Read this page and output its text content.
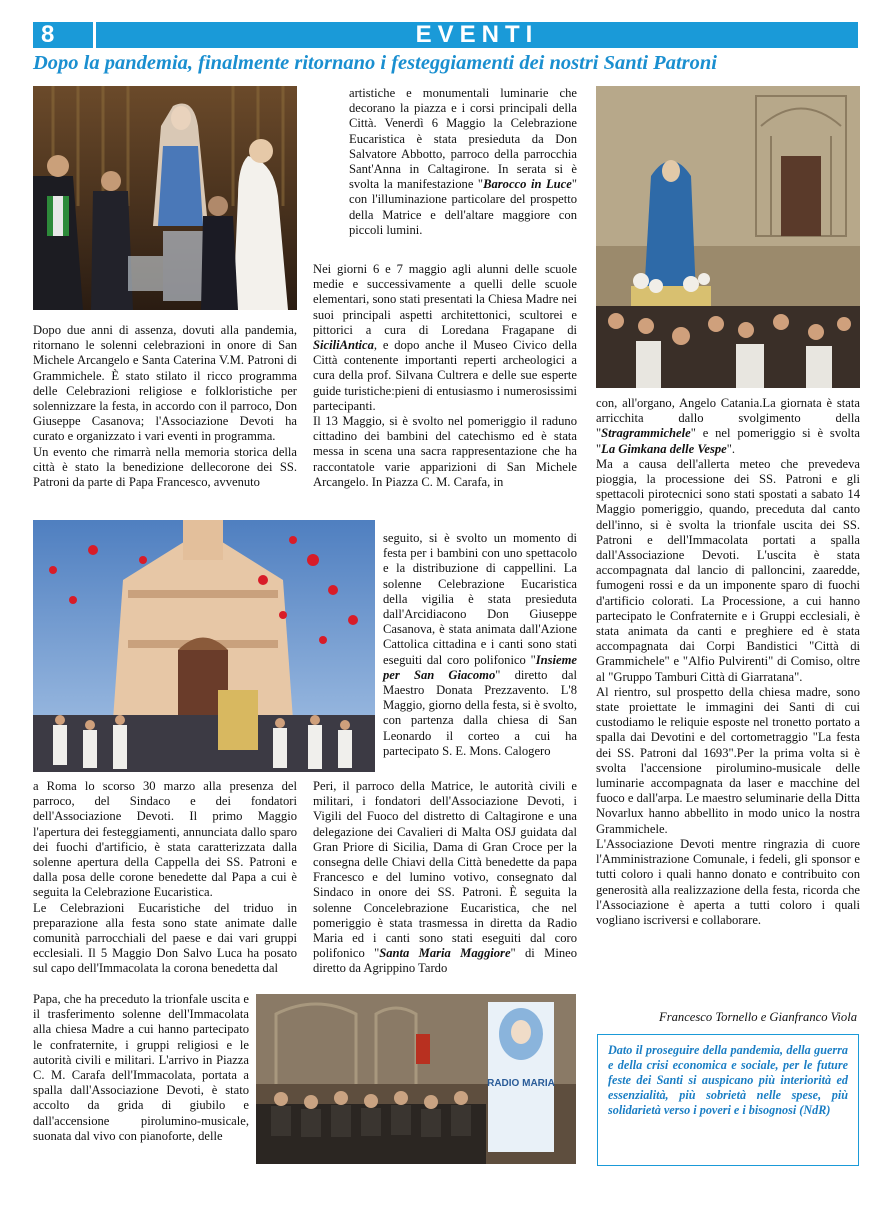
8	EVENTI
Dopo la pandemia, finalmente ritornano i festeggiamenti dei nostri Santi Patroni
RADIO MARIA

Dopo due anni di assenza, dovuti alla pandemia, ritornano le solenni celebrazioni in onore di San Michele Arcangelo e Santa Caterina V.M. Patroni di Grammichele. È stato stilato il ricco programma delle Celebrazioni religiose e folkloristiche per solennizzare la festa, in accordo con il parroco, Don Giuseppe Casanova; l'Associazione Devoti ha curato e organizzato i vari eventi in programma.

Un evento che rimarrà nella memoria storica della città è stato la benedizione dellecorone dei SS. Patroni da parte di Papa Francesco, avvenuto

a Roma lo scorso 30 marzo alla presenza del parroco, del Sindaco e dei fondatori dell'Associazione Devoti. Il primo Maggio l'apertura dei festeggiamenti, annunciata dallo sparo dei fuochi d'artificio, è stata caratterizzata dalla solenne apertura della Cappella dei SS. Patroni e dalla posa delle corone benedette dal Papa a cui è seguita la Celebrazione Eucaristica.

Le Celebrazioni Eucaristiche del triduo in preparazione alla festa sono state animate dalle comunità parrocchiali del paese e dai vari gruppi ecclesiali. Il 5 Maggio Don Salvo Luca ha posato sul capo dell'Immacolata la corona benedetta dal

Papa, che ha preceduto la trionfale uscita e il trasferimento solenne dell'Immacolata alla chiesa Madre a cui hanno partecipato le confraternite, i gruppi religiosi e le autorità civili e militari. L'arrivo in Piazza C. M. Carafa dell'Immacolata, portata a spalla dall'Associazione Devoti, è stato accolto da grida di giubilo e dall'accensione pirolumino-musicale, suonata dal vivo con pianoforte, delle

artistiche e monumentali luminarie che decorano la piazza e i corsi principali della Città. Venerdì 6 Maggio la Celebrazione Eucaristica è stata presieduta da Don Salvatore Abbotto, parroco della parrocchia Sant'Anna in Caltagirone. In serata si è svolta la manifestazione "Barocco in Luce" con l'illuminazione particolare del prospetto della Matrice e dell'altare maggiore con piccoli lumini.

Nei giorni 6 e 7 maggio agli alunni delle scuole medie e successivamente a quelli delle scuole elementari, sono stati presentati la Chiesa Madre nei suoi principali aspetti architettonici, scultorei e pittorici a cura di Loredana Fragapane di SiciliAntica, e dopo anche il Museo Civico della Città contenente importanti reperti archeologici a cura della prof. Silvana Cultrera e delle sue esperte guide turistiche:pieni di entusiasmo i numerosissimi partecipanti.

Il 13 Maggio, si è svolto nel pomeriggio il raduno cittadino dei bambini del catechismo ed è stata messa in scena una sacra rappresentazione che ha raccontatole varie apparizioni di San Michele Arcangelo. In Piazza C. M. Carafa, in

seguito, si è svolto un momento di festa per i bambini con uno spettacolo e la distribuzione di cappellini. La solenne Celebrazione Eucaristica della vigilia è stata presieduta dall'Arcidiacono Don Giuseppe Casanova, è stata animata dall'Azione Cattolica cittadina e i canti sono stati eseguiti dal coro polifonico "Insieme per San Giacomo" diretto dal Maestro Donata Prezzavento. L'8 Maggio, giorno della festa, si è svolto, con partenza dalla chiesa di San Leonardo il corteo a cui ha partecipato S. E. Mons. Calogero

Peri, il parroco della Matrice, le autorità civili e militari, i fondatori dell'Associazione Devoti, i Vigili del Fuoco del distretto di Caltagirone e una delegazione dei Cavalieri di Malta OSJ guidata dal Gran Priore di Sicilia, Dama di Gran Croce per la consegna delle Chiavi della Città benedette da papa Francesco e del lumino votivo, consegnato dal Sindaco in onore dei SS. Patroni. È seguita la solenne Concelebrazione Eucaristica, che nel pomeriggio è stata trasmessa in diretta da Radio Maria ed i canti sono stati eseguiti dal coro polifonico "Santa Maria Maggiore" di Mineo diretto da Agrippino Tardo

con, all'organo, Angelo Catania.La giornata è stata arricchita dallo svolgimento della "Stragrammichele" e nel pomeriggio si è svolta "La Gimkana delle Vespe".

Ma a causa dell'allerta meteo che prevedeva pioggia, la processione dei SS. Patroni e gli spettacoli pirotecnici sono stati spostati a sabato 14 Maggio pomeriggio, quando, preceduta dal canto dell'inno, si è svolta la trionfale uscita dei SS. Patroni e dell'Immacolata portati a spalla dall'Associazione Devoti. L'uscita è stata accompagnata dal lancio di palloncini, zaaredde, fumogeni rossi e da un imponente sparo di fuochi d'artificio colorati. La Processione, a cui hanno partecipato le Confraternite e i Gruppi ecclesiali, è stata animata da canti e preghiere ed è stata accompagnata dai Corpi Bandistici "Città di Grammichele" e "Alfio Pulvirenti" di Comiso, oltre al "Gruppo Tamburi Città di Giarratana".

Al rientro, sul prospetto della chiesa madre, sono state proiettate le immagini dei Santi di cui custodiamo le reliquie esposte nel tronetto portato a spalla dai Devotini e del cortometraggio "La festa dei SS. Patroni dal 1693".Per la prima volta si è svolta l'accensione pirolumino-musicale delle luminarie accompagnata da laser e macchine del fuoco e dall'arpa. Le maestro seluminarie della Ditta Novarlux hanno abbellito in modo unico la nostra Grammichele.

L'Associazione Devoti mentre ringrazia di cuore l'Amministrazione Comunale, i fedeli, gli sponsor e tutti coloro i quali hanno donato e contribuito con generosità alla realizzazione della festa, ricorda che l'Associazione è aperta a tutti coloro i quali vogliano iscriversi e collaborare.

Francesco Tornello e Gianfranco Viola
Dato il proseguire della pandemia, della guerra e della crisi economica e sociale, per le future feste dei Santi si auspicano più interiorità ed essenzialità, più sobrietà nelle spese, più solidarietà verso i poveri e i bisognosi (NdR)
